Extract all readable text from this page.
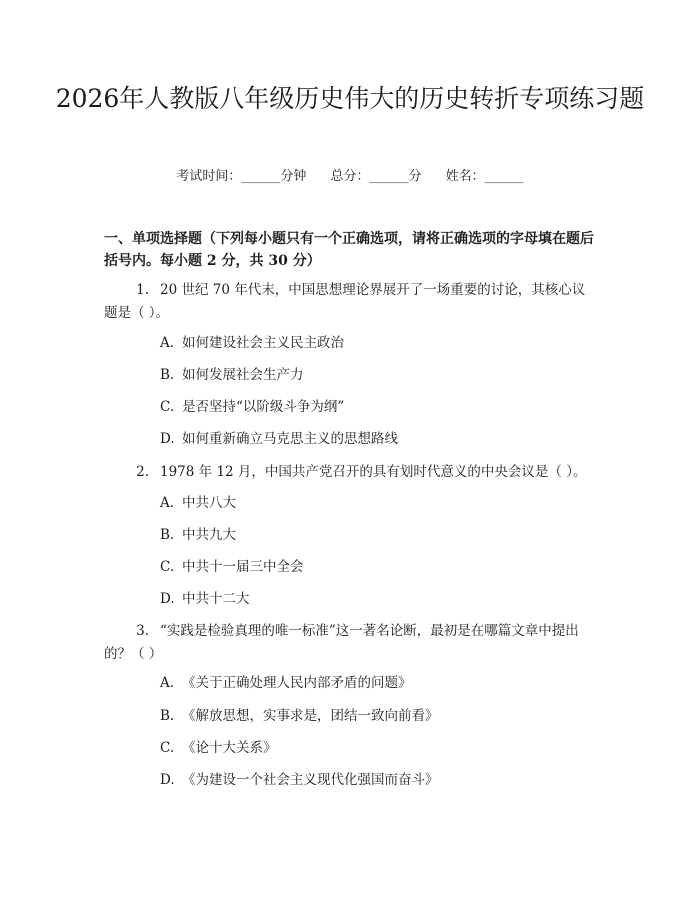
2026年人教版八年级历史伟大的历史转折专项练习题
考试时间：______分钟 总分：______分 姓名：______
一、单项选择题（下列每小题只有一个正确选项，请将正确选项的字母填在题后括号内。每小题 2 分，共 30 分）
1. 20 世纪 70 年代末，中国思想理论界展开了一场重要的讨论，其核心议题是（ ）。
A. 如何建设社会主义民主政治
B. 如何发展社会生产力
C. 是否坚持“以阶级斗争为纲”
D. 如何重新确立马克思主义的思想路线
2. 1978 年 12 月，中国共产党召开的具有划时代意义的中央会议是（ ）。
A. 中共八大
B. 中共九大
C. 中共十一届三中全会
D. 中共十二大
3. “实践是检验真理的唯一标准”这一著名论断，最初是在哪篇文章中提出的？（ ）
A. 《关于正确处理人民内部矛盾的问题》
B. 《解放思想，实事求是，团结一致向前看》
C. 《论十大关系》
D. 《为建设一个社会主义现代化强国而奋斗》
